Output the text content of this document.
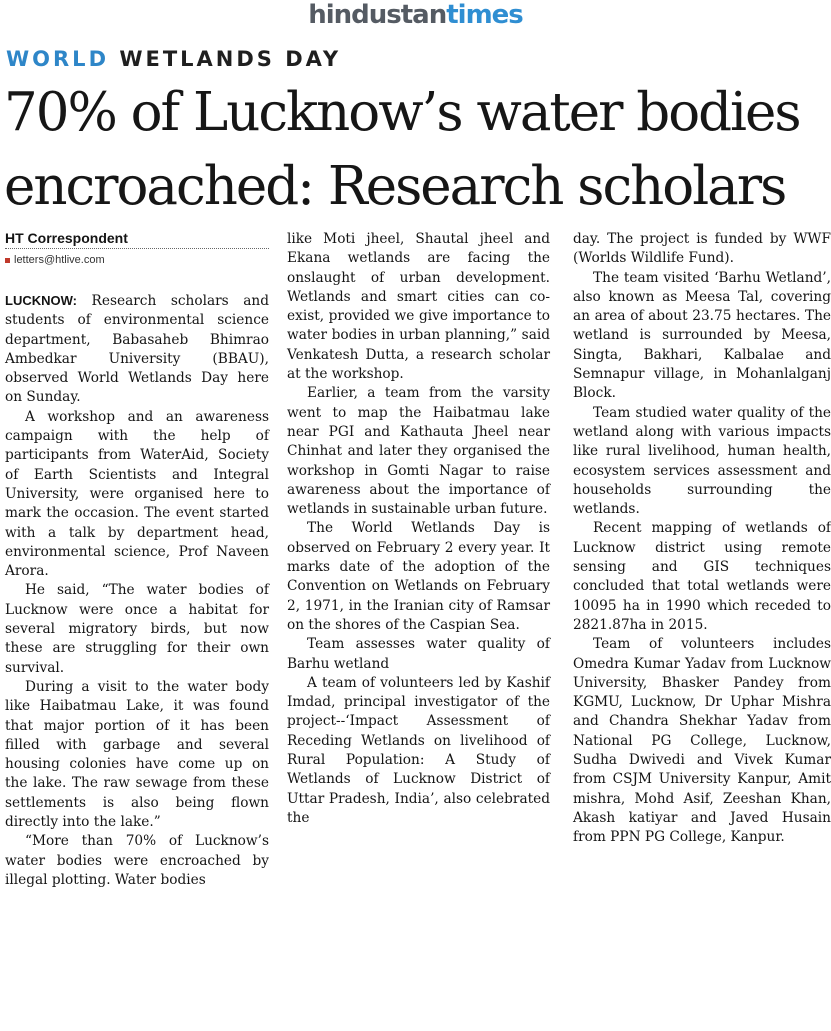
hindustantimes
WORLD WETLANDS DAY
70% of Lucknow’s water bodies
encroached: Research scholars
HT Correspondent
letters@htlive.com

LUCKNOW: Research scholars and students of environmental science department, Babasaheb Bhimrao Ambedkar University (BBAU), observed World Wetlands Day here on Sunday.

A workshop and an awareness campaign with the help of participants from WaterAid, Society of Earth Scientists and Integral University, were organised here to mark the occasion. The event started with a talk by department head, environmental science, Prof Naveen Arora.

He said, “The water bodies of Lucknow were once a habitat for several migratory birds, but now these are struggling for their own survival.

During a visit to the water body like Haibatmau Lake, it was found that major portion of it has been filled with garbage and several housing colonies have come up on the lake. The raw sewage from these settlements is also being flown directly into the lake.”

“More than 70% of Lucknow’s water bodies were encroached by illegal plotting. Water bodies

like Moti jheel, Shautal jheel and Ekana wetlands are facing the onslaught of urban development. Wetlands and smart cities can co-exist, provided we give importance to water bodies in urban planning,” said Venkatesh Dutta, a research scholar at the workshop.

Earlier, a team from the varsity went to map the Haibatmau lake near PGI and Kathauta Jheel near Chinhat and later they organised the workshop in Gomti Nagar to raise awareness about the importance of wetlands in sustainable urban future.

The World Wetlands Day is observed on February 2 every year. It marks date of the adoption of the Convention on Wetlands on February 2, 1971, in the Iranian city of Ramsar on the shores of the Caspian Sea.

Team assesses water quality of Barhu wetland

A team of volunteers led by Kashif Imdad, principal investigator of the project--‘Impact Assessment of Receding Wetlands on livelihood of Rural Population: A Study of Wetlands of Lucknow District of Uttar Pradesh, India’, also celebrated the

day. The project is funded by WWF (Worlds Wildlife Fund).

The team visited ‘Barhu Wetland’, also known as Meesa Tal, covering an area of about 23.75 hectares. The wetland is surrounded by Meesa, Singta, Bakhari, Kalbalae and Semnapur village, in Mohanlalganj Block.

Team studied water quality of the wetland along with various impacts like rural livelihood, human health, ecosystem services assessment and households surrounding the wetlands.

Recent mapping of wetlands of Lucknow district using remote sensing and GIS techniques concluded that total wetlands were 10095 ha in 1990 which receded to 2821.87ha in 2015.

Team of volunteers includes Omedra Kumar Yadav from Lucknow University, Bhasker Pandey from KGMU, Lucknow, Dr Uphar Mishra and Chandra Shekhar Yadav from National PG College, Lucknow, Sudha Dwivedi and Vivek Kumar from CSJM University Kanpur, Amit mishra, Mohd Asif, Zeeshan Khan, Akash katiyar and Javed Husain from PPN PG College, Kanpur.
